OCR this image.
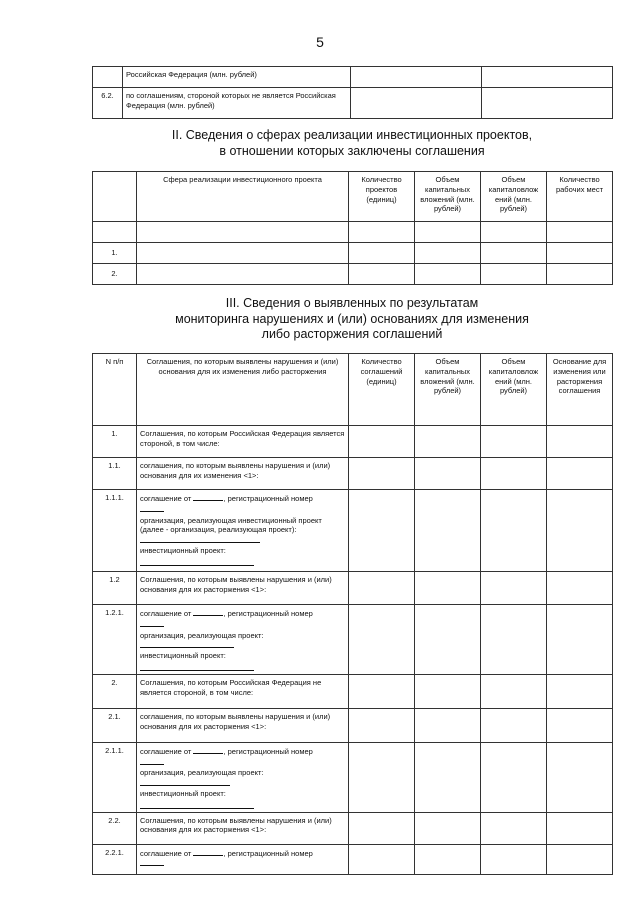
5
	Российская Федерация (млн. рублей)		
6.2.	по соглашениям, стороной которых не является Российская Федерация (млн. рублей)		
II. Сведения о сферах реализации инвестиционных проектов,
в отношении которых заключены соглашения
	Сфера реализации инвестиционного проекта	Количество проектов (единиц)	Объем капитальных вложений (млн. рублей)	Объем капиталовлож ений (млн. рублей)	Количество рабочих мест

1.					
2.					
III. Сведения о выявленных по результатам
мониторинга нарушениях и (или) основаниях для изменения
либо расторжения соглашений
N п/п	Соглашения, по которым выявлены нарушения и (или) основания для их изменения либо расторжения	Количество соглашений (единиц)	Объем капитальных вложений (млн. рублей)	Объем капиталовлож ений (млн. рублей)	Основание для изменения или расторжения соглашения
1.	Соглашения, по которым Российская Федерация является стороной, в том числе:				
1.1.	соглашения, по которым выявлены нарушения и (или) основания для их изменения <1>:				
1.1.1.	соглашение от , регистрационный номер
организация, реализующая инвестиционный проект (далее - организация, реализующая проект):
инвестиционный проект:				

1.2	Соглашения, по которым выявлены нарушения и (или) основания для их расторжения <1>:				
1.2.1.	соглашение от , регистрационный номер
организация, реализующая проект:
инвестиционный проект:				

2.	Соглашения, по которым Российская Федерация не является стороной, в том числе:				
2.1.	соглашения, по которым выявлены нарушения и (или) основания для их расторжения <1>:				
2.1.1.	соглашение от , регистрационный номер
организация, реализующая проект:
инвестиционный проект:				

2.2.	Соглашения, по которым выявлены нарушения и (или) основания для их расторжения <1>:				
2.2.1.	соглашение от , регистрационный номер				
